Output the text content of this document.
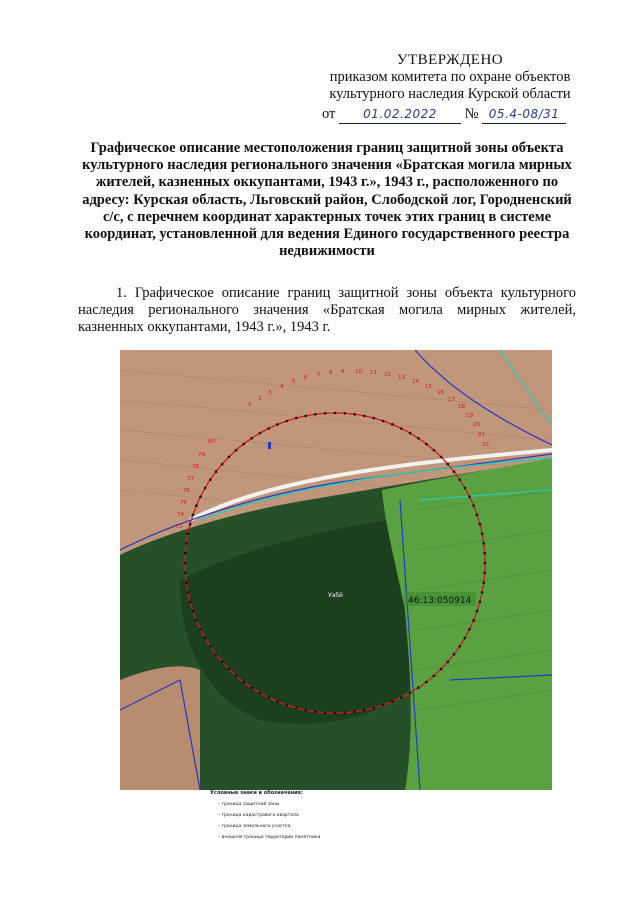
УТВЕРЖДЕНО
приказом комитета по охране объектов
культурного наследия Курской области
от 01.02.2022 № 05.4-08/31
Графическое описание местоположения границ защитной зоны объекта культурного наследия регионального значения «Братская могила мирных жителей, казненных оккупантами, 1943 г.», 1943 г., расположенного по адресу: Курская область, Льговский район, Слободской лог, Городненский с/с, с перечнем координат характерных точек этих границ в системе координат, установленной для ведения Единого государственного реестра недвижимости
1. Графическое описание границ защитной зоны объекта культурного наследия регионального значения «Братская могила мирных жителей, казненных оккупантами, 1943 г.», 1943 г.
1
2
3
4
5
6 7 8 9 10 11 12 13
14
15
16
17
18
19
20
21
22
73
74
75
76
77
78
79
80
Уабй
46:13:050914
Условные знаки и обозначения:
– граница защитной зоны
– граница кадастрового квартала
– граница земельного участка
– внешняя граница территории памятника
